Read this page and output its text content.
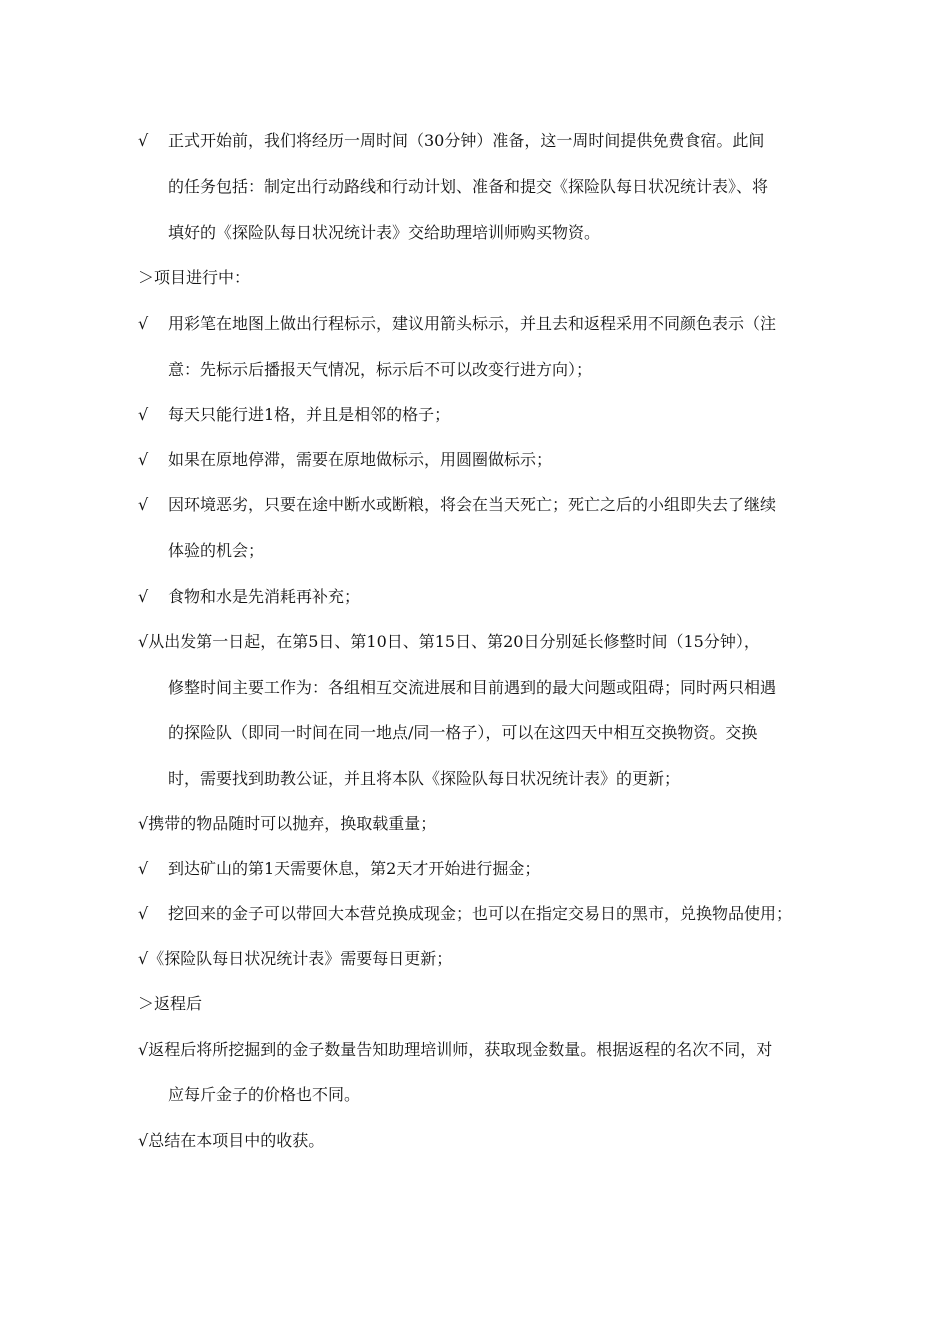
√ 正式开始前，我们将经历一周时间（30分钟）准备，这一周时间提供免费食宿。此间
的任务包括：制定出行动路线和行动计划、准备和提交《探险队每日状况统计表》、将
填好的《探险队每日状况统计表》交给助理培训师购买物资。
＞项目进行中：
√ 用彩笔在地图上做出行程标示，建议用箭头标示，并且去和返程采用不同颜色表示（注
意：先标示后播报天气情况，标示后不可以改变行进方向）；
√ 每天只能行进1格，并且是相邻的格子；
√ 如果在原地停滞，需要在原地做标示，用圆圈做标示；
√ 因环境恶劣，只要在途中断水或断粮，将会在当天死亡；死亡之后的小组即失去了继续
体验的机会；
√ 食物和水是先消耗再补充；
√从出发第一日起，在第5日、第10日、第15日、第20日分别延长修整时间（15分钟），
修整时间主要工作为：各组相互交流进展和目前遇到的最大问题或阻碍；同时两只相遇
的探险队（即同一时间在同一地点/同一格子），可以在这四天中相互交换物资。交换
时，需要找到助教公证，并且将本队《探险队每日状况统计表》的更新；
√携带的物品随时可以抛弃，换取载重量；
√ 到达矿山的第1天需要休息，第2天才开始进行掘金；
√ 挖回来的金子可以带回大本营兑换成现金；也可以在指定交易日的黑市，兑换物品使用；
√《探险队每日状况统计表》需要每日更新；
＞返程后
√返程后将所挖掘到的金子数量告知助理培训师，获取现金数量。根据返程的名次不同，对
应每斤金子的价格也不同。
√总结在本项目中的收获。
